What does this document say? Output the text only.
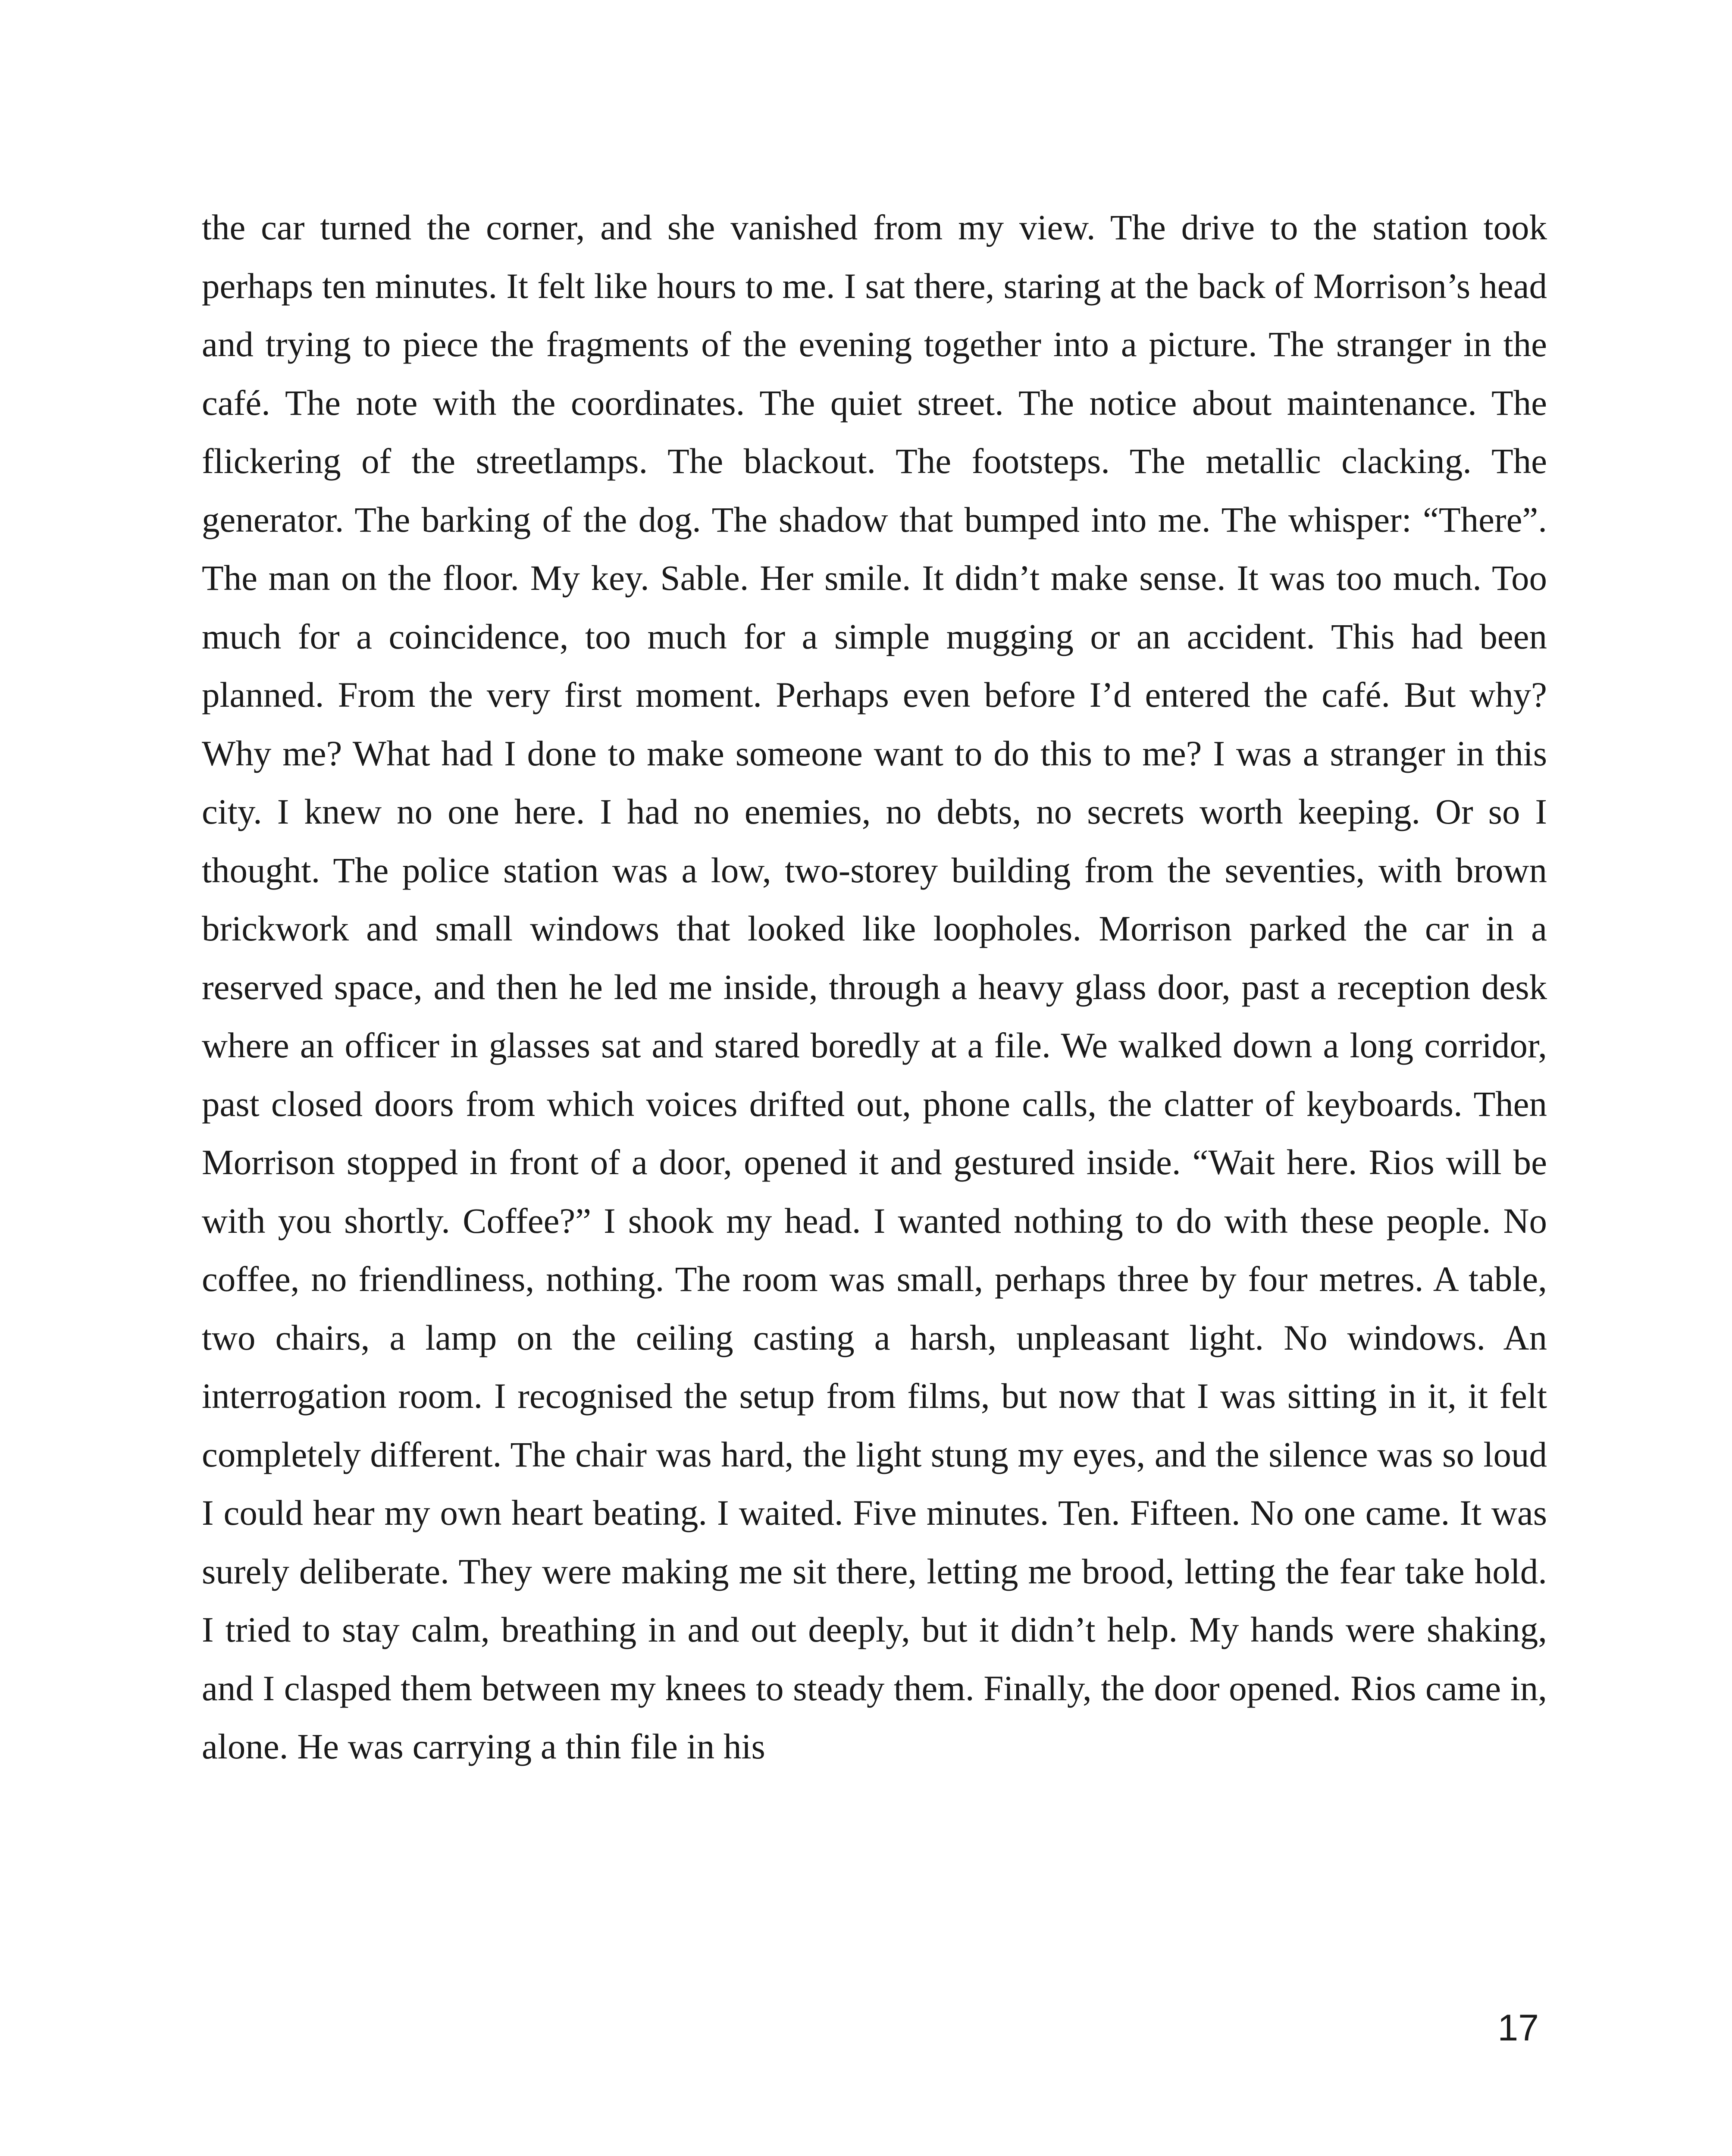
the car turned the corner, and she vanished from my view. The drive to the station took perhaps ten minutes. It felt like hours to me. I sat there, staring at the back of Morrison’s head and trying to piece the fragments of the evening together into a picture. The stranger in the café. The note with the coordinates. The quiet street. The notice about maintenance. The flickering of the streetlamps. The blackout. The footsteps. The metallic clacking. The generator. The barking of the dog. The shadow that bumped into me. The whisper: “There”. The man on the floor. My key. Sable. Her smile. It didn’t make sense. It was too much. Too much for a coincidence, too much for a simple mugging or an accident. This had been planned. From the very first moment. Perhaps even before I’d entered the café. But why? Why me? What had I done to make someone want to do this to me? I was a stranger in this city. I knew no one here. I had no enemies, no debts, no secrets worth keeping. Or so I thought. The police station was a low, two-storey building from the seventies, with brown brickwork and small windows that looked like loopholes. Morrison parked the car in a reserved space, and then he led me inside, through a heavy glass door, past a reception desk where an officer in glasses sat and stared boredly at a file. We walked down a long corridor, past closed doors from which voices drifted out, phone calls, the clatter of keyboards. Then Morrison stopped in front of a door, opened it and gestured inside. “Wait here. Rios will be with you shortly. Coffee?” I shook my head. I wanted nothing to do with these people. No coffee, no friendliness, nothing. The room was small, perhaps three by four metres. A table, two chairs, a lamp on the ceiling casting a harsh, unpleasant light. No windows. An interrogation room. I recognised the setup from films, but now that I was sitting in it, it felt completely different. The chair was hard, the light stung my eyes, and the silence was so loud I could hear my own heart beating. I waited. Five minutes. Ten. Fifteen. No one came. It was surely deliberate. They were making me sit there, letting me brood, letting the fear take hold. I tried to stay calm, breathing in and out deeply, but it didn’t help. My hands were shaking, and I clasped them between my knees to steady them. Finally, the door opened. Rios came in, alone. He was carrying a thin file in his

17
